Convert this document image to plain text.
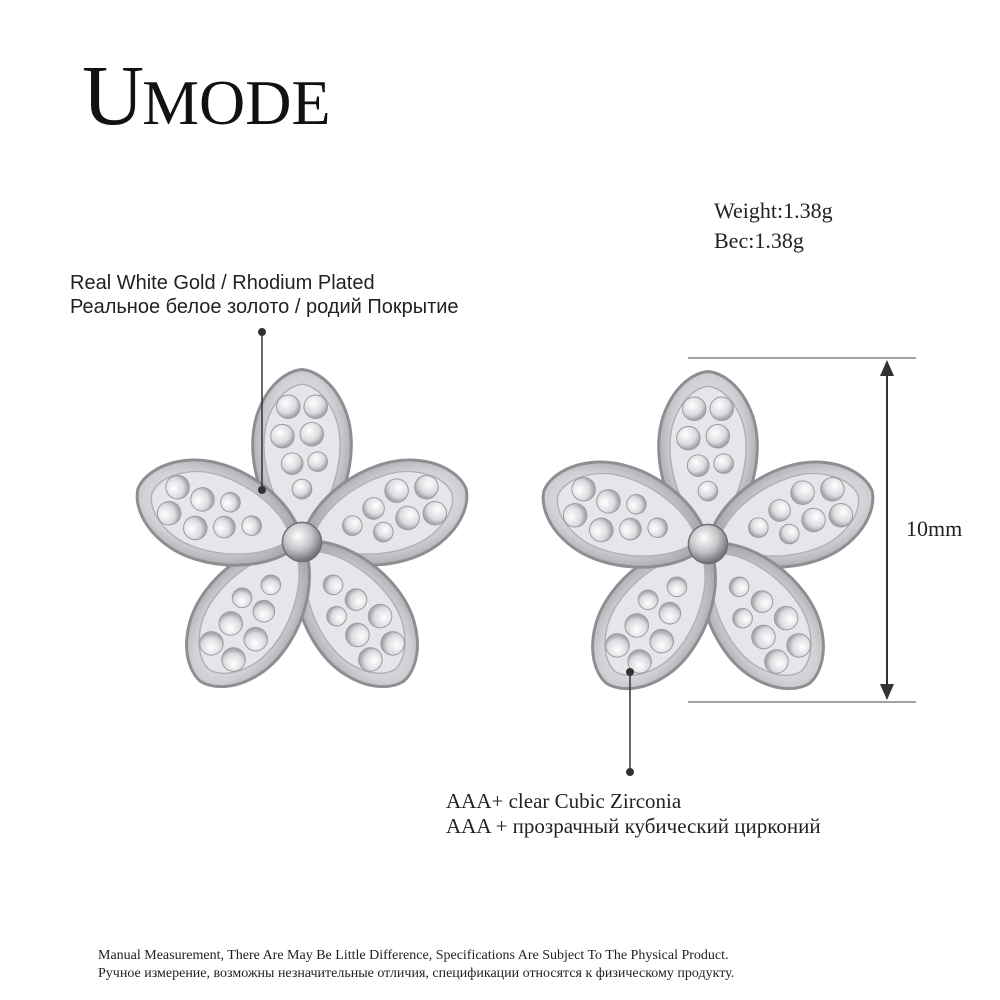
UMODE
Weight:1.38g
Bec:1.38g
Real White Gold / Rhodium Plated
Реальное белое золото / родий Покрытие
AAA+ clear Cubic Zirconia
AAA + прозрачный кубический цирконий
10mm
Manual Measurement, There Are May Be Little Difference, Specifications Are Subject To The Physical Product.
Ручное измерение, возможны незначительные отличия, спецификации относятся к физическому продукту.
